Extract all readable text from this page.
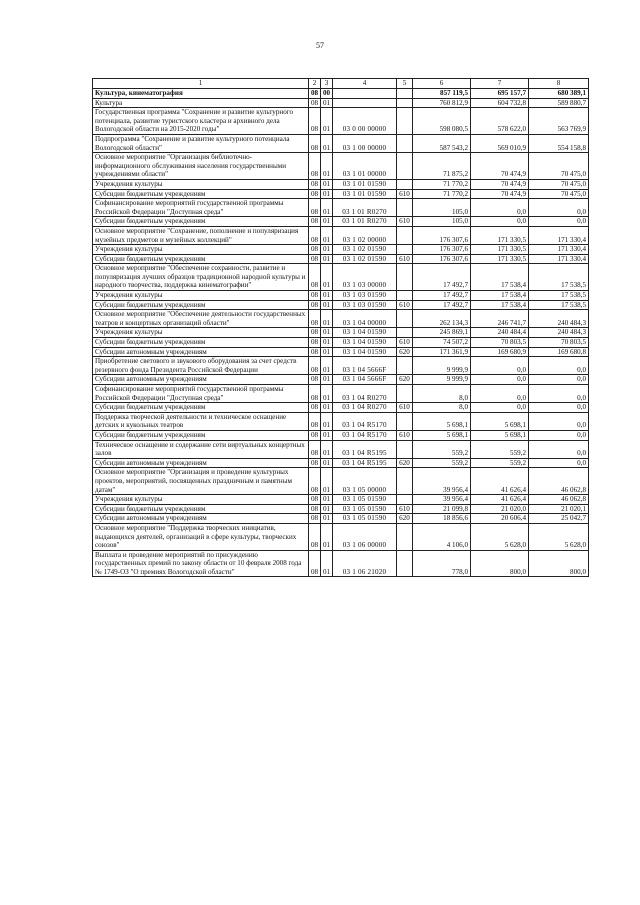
57
1	2	3	4	5	6	7	8
Культура, кинематография	08	00			857 119,5	695 157,7	680 389,1
Культура	08	01			760 812,9	604 732,8	589 880,7
Государственная программа "Сохранение и развитие культурного потенциала, развитие туристского кластера и архивного дела Вологодской области на 2015-2020 годы"	08	01	03 0 00 00000		598 080,5	578 622,0	563 769,9
Подпрограмма "Сохранение и развитие культурного потенциала Вологодской области"	08	01	03 1 00 00000		587 543,2	569 010,9	554 158,8
Основное мероприятие "Организация библиотечно-информационного обслуживания населения государственными учреждениями области"	08	01	03 1 01 00000		71 875,2	70 474,9	70 475,0
Учреждения культуры	08	01	03 1 01 01590		71 770,2	70 474,9	70 475,0
Субсидии бюджетным учреждениям	08	01	03 1 01 01590	610	71 770,2	70 474,9	70 475,0
Софинансирование мероприятий государственной программы Российской Федерации "Доступная среда"	08	01	03 1 01 R0270		105,0	0,0	0,0
Субсидии бюджетным учреждениям	08	01	03 1 01 R0270	610	105,0	0,0	0,0
Основное мероприятие "Сохранение, пополнение и популяризация музейных предметов и музейных коллекций"	08	01	03 1 02 00000		176 307,6	171 330,5	171 330,4
Учреждения культуры	08	01	03 1 02 01590		176 307,6	171 330,5	171 330,4
Субсидии бюджетным учреждениям	08	01	03 1 02 01590	610	176 307,6	171 330,5	171 330,4
Основное мероприятие "Обеспечение сохранности, развитие и популяризация лучших образцов традиционной народной культуры и народного творчества, поддержка кинематографии"	08	01	03 1 03 00000		17 492,7	17 538,4	17 538,5
Учреждения культуры	08	01	03 1 03 01590		17 492,7	17 538,4	17 538,5
Субсидии бюджетным учреждениям	08	01	03 1 03 01590	610	17 492,7	17 538,4	17 538,5
Основное мероприятие "Обеспечение деятельности государственных театров и концертных организаций области"	08	01	03 1 04 00000		262 134,3	246 741,7	240 484,3
Учреждения культуры	08	01	03 1 04 01590		245 869,1	240 484,4	240 484,3
Субсидии бюджетным учреждениям	08	01	03 1 04 01590	610	74 507,2	70 803,5	70 803,5
Субсидии автономным учреждениям	08	01	03 1 04 01590	620	171 361,9	169 680,9	169 680,8
Приобретение светового и звукового оборудования за счет средств резервного фонда Президента Российской Федерации	08	01	03 1 04 5666F		9 999,9	0,0	0,0
Субсидии автономным учреждениям	08	01	03 1 04 5666F	620	9 999,9	0,0	0,0
Софинансирование мероприятий государственной программы Российской Федерации "Доступная среда"	08	01	03 1 04 R0270		8,0	0,0	0,0
Субсидии бюджетным учреждениям	08	01	03 1 04 R0270	610	8,0	0,0	0,0
Поддержка творческой деятельности и техническое оснащение детских и кукольных театров	08	01	03 1 04 R5170		5 698,1	5 698,1	0,0
Субсидии бюджетным учреждениям	08	01	03 1 04 R5170	610	5 698,1	5 698,1	0,0
Техническое оснащение и содержание сети виртуальных концертных залов	08	01	03 1 04 R5195		559,2	559,2	0,0
Субсидии автономным учреждениям	08	01	03 1 04 R5195	620	559,2	559,2	0,0
Основное мероприятие "Организация и проведение культурных проектов, мероприятий, посвященных праздничным и памятным датам"	08	01	03 1 05 00000		39 956,4	41 626,4	46 062,8
Учреждения культуры	08	01	03 1 05 01590		39 956,4	41 626,4	46 062,8
Субсидии бюджетным учреждениям	08	01	03 1 05 01590	610	21 099,8	21 020,0	21 020,1
Субсидии автономным учреждениям	08	01	03 1 05 01590	620	18 856,6	20 606,4	25 042,7
Основное мероприятие "Поддержка творческих инициатив, выдающихся деятелей, организаций в сфере культуры, творческих союзов"	08	01	03 1 06 00000		4 106,0	5 628,0	5 628,0
Выплата и проведение мероприятий по присуждению государственных премий по закону области от 10 февраля 2008 года № 1749-ОЗ "О премиях Вологодской области"	08	01	03 1 06 21020		778,0	800,0	800,0
